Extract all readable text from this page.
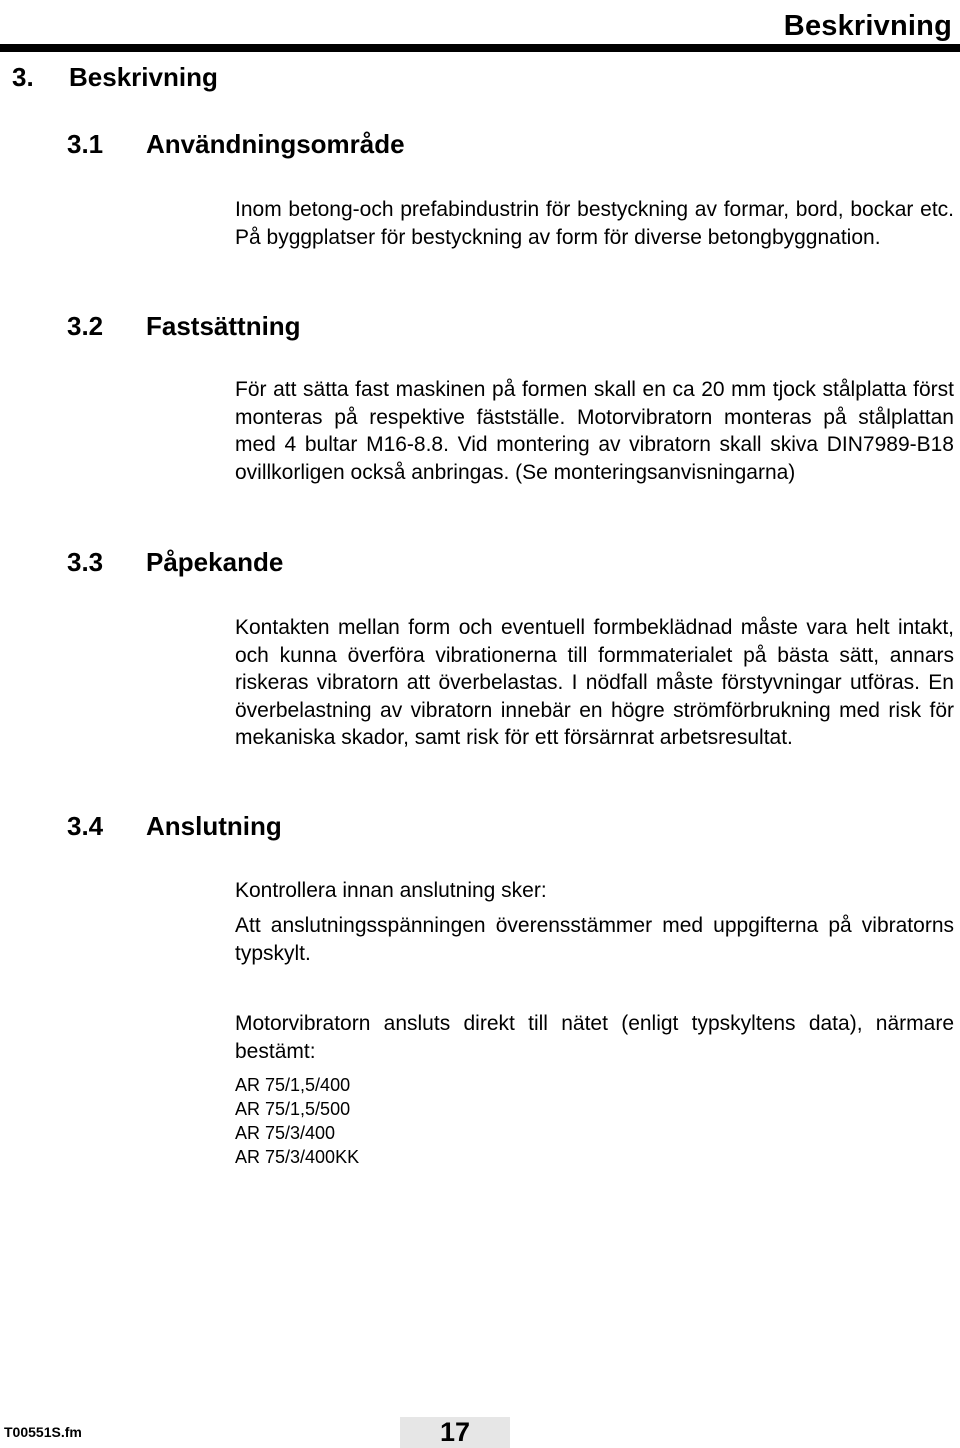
Beskrivning
3. Beskrivning
3.1 Användningsområde

Inom betong-och prefabindustrin för bestyckning av formar, bord, bockar etc. På byggplatser för bestyckning av form för diverse betongbyggnation.

3.2 Fastsättning

För att sätta fast maskinen på formen skall en ca 20 mm tjock stålplatta först monteras på respektive fästställe. Motorvibratorn monteras på stålplattan med 4 bultar M16-8.8. Vid montering av vibratorn skall skiva DIN7989-B18 ovillkorligen också anbringas. (Se monteringsanvisningarna)

3.3 Påpekande

Kontakten mellan form och eventuell formbeklädnad måste vara helt intakt, och kunna överföra vibrationerna till formmaterialet på bästa sätt, annars riskeras vibratorn att överbelastas. I nödfall måste förstyvningar utföras. En överbelastning av vibratorn innebär en högre strömförbrukning med risk för mekaniska skador, samt risk för ett försärnrat arbetsresultat.

3.4 Anslutning

Kontrollera innan anslutning sker:

Att anslutningsspänningen överensstämmer med uppgifterna på vibratorns typskylt.

Motorvibratorn ansluts direkt till nätet (enligt typskyltens data), närmare bestämt:

AR 75/1,5/400
AR 75/1,5/500
AR 75/3/400
AR 75/3/400KK
T00551S.fm	17
